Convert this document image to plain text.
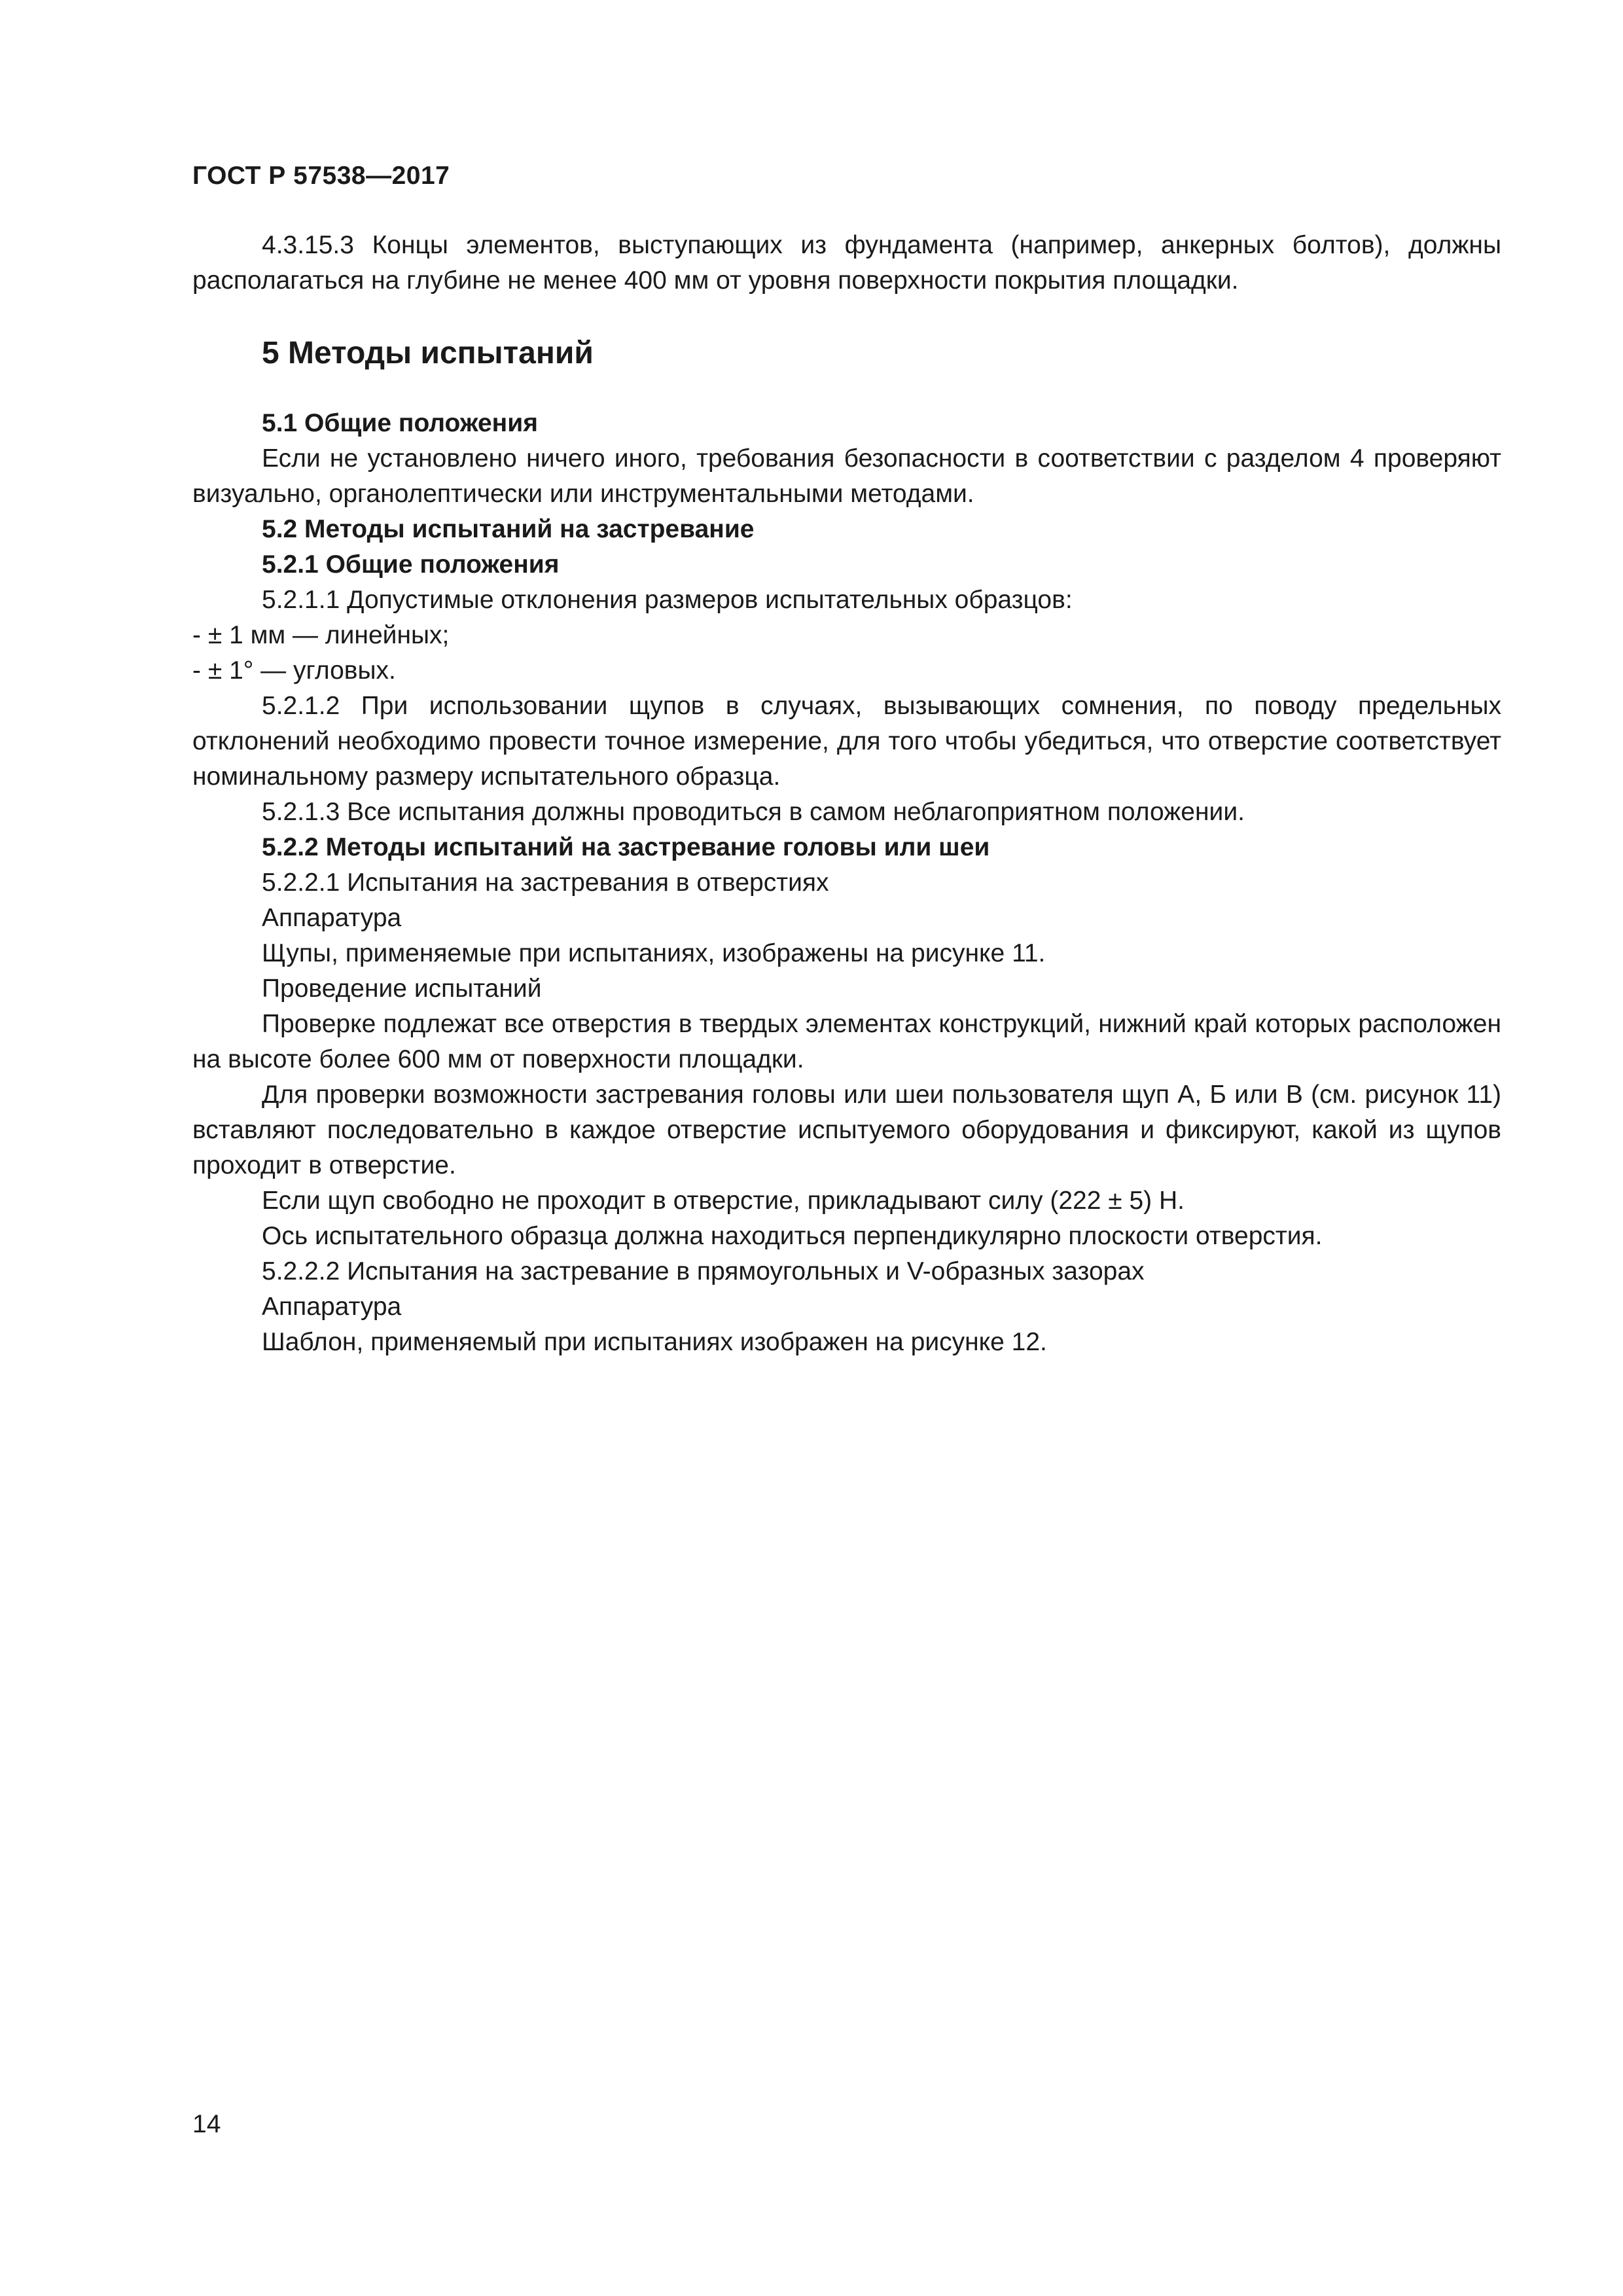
ГОСТ Р 57538—2017

4.3.15.3 Концы элементов, выступающих из фундамента (например, анкерных болтов), должны располагаться на глубине не менее 400 мм от уровня поверхности покрытия площадки.

5 Методы испытаний

5.1 Общие положения

Если не установлено ничего иного, требования безопасности в соответствии с разделом 4 проверяют визуально, органолептически или инструментальными методами.

5.2 Методы испытаний на застревание

5.2.1 Общие положения

5.2.1.1 Допустимые отклонения размеров испытательных образцов:

- ± 1 мм — линейных;

- ± 1° — угловых.

5.2.1.2 При использовании щупов в случаях, вызывающих сомнения, по поводу предельных отклонений необходимо провести точное измерение, для того чтобы убедиться, что отверстие соответствует номинальному размеру испытательного образца.

5.2.1.3 Все испытания должны проводиться в самом неблагоприятном положении.

5.2.2 Методы испытаний на застревание головы или шеи

5.2.2.1 Испытания на застревания в отверстиях

Аппаратура

Щупы, применяемые при испытаниях, изображены на рисунке 11.

Проведение испытаний

Проверке подлежат все отверстия в твердых элементах конструкций, нижний край которых расположен на высоте более 600 мм от поверхности площадки.

Для проверки возможности застревания головы или шеи пользователя щуп А, Б или В (см. рисунок 11) вставляют последовательно в каждое отверстие испытуемого оборудования и фиксируют, какой из щупов проходит в отверстие.

Если щуп свободно не проходит в отверстие, прикладывают силу (222 ± 5) Н.

Ось испытательного образца должна находиться перпендикулярно плоскости отверстия.

5.2.2.2 Испытания на застревание в прямоугольных и V-образных зазорах

Аппаратура

Шаблон, применяемый при испытаниях изображен на рисунке 12.

14
